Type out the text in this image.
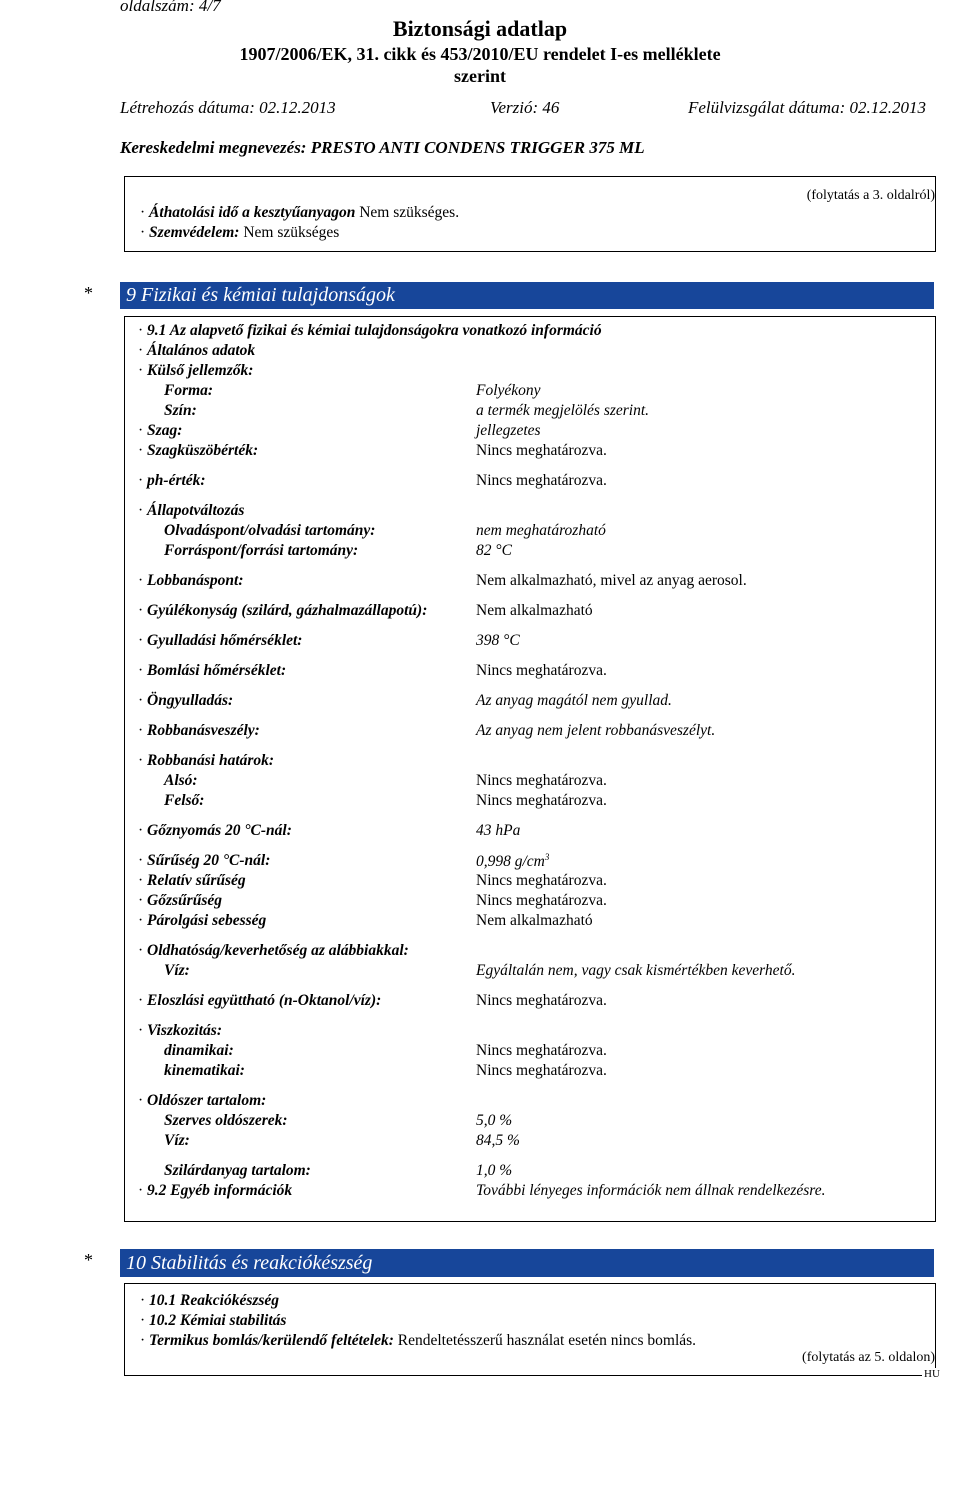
oldalszám: 4/7
Biztonsági adatlap
1907/2006/EK, 31. cikk és 453/2010/EU rendelet I-es melléklete
szerint
Létrehozás dátuma: 02.12.2013	Verzió: 46	Felülvizsgálat dátuma: 02.12.2013
Kereskedelmi megnevezés: PRESTO ANTI CONDENS TRIGGER 375 ML
(folytatás a 3. oldalról)
· Áthatolási idő a kesztyűanyagon Nem szükséges.
· Szemvédelem: Nem szükséges
*	9 Fizikai és kémiai tulajdonságok
· 9.1 Az alapvető fizikai és kémiai tulajdonságokra vonatkozó információ
· Általános adatok
· Külső jellemzők:
Forma:	Folyékony
Szín:	a termék megjelölés szerint.
· Szag:	jellegzetes
· Szagküszöbérték:	Nincs meghatározva.
· ph-érték:	Nincs meghatározva.
· Állapotváltozás
Olvadáspont/olvadási tartomány:	nem meghatározható
Forráspont/forrási tartomány:	82 °C
· Lobbanáspont:	Nem alkalmazható, mivel az anyag aerosol.
· Gyúlékonyság (szilárd, gázhalmazállapotú):	Nem alkalmazható
· Gyulladási hőmérséklet:	398 °C
· Bomlási hőmérséklet:	Nincs meghatározva.
· Öngyulladás:	Az anyag magától nem gyullad.
· Robbanásveszély:	Az anyag nem jelent robbanásveszélyt.
· Robbanási határok:
Alsó:	Nincs meghatározva.
Felső:	Nincs meghatározva.
· Gőznyomás 20 °C-nál:	43 hPa
· Sűrűség 20 °C-nál:	0,998 $g/cm^3$
· Relatív sűrűség	Nincs meghatározva.
· Gőzsűrűség	Nincs meghatározva.
· Párolgási sebesség	Nem alkalmazható
· Oldhatóság/keverhetőség az alábbiakkal:
Víz:	Egyáltalán nem, vagy csak kismértékben keverhető.
· Eloszlási együttható (n-Oktanol/víz):	Nincs meghatározva.
· Viszkozitás:
dinamikai:	Nincs meghatározva.
kinematikai:	Nincs meghatározva.
· Oldószer tartalom:
Szerves oldószerek:	5,0 %
Víz:	84,5 %
Szilárdanyag tartalom:	1,0 %
· 9.2 Egyéb információk	További lényeges információk nem állnak rendelkezésre.
*	10 Stabilitás és reakciókészség
· 10.1 Reakciókészség
· 10.2 Kémiai stabilitás
· Termikus bomlás/kerülendő feltételek: Rendeltetésszerű használat esetén nincs bomlás.
(folytatás az 5. oldalon)
HU
